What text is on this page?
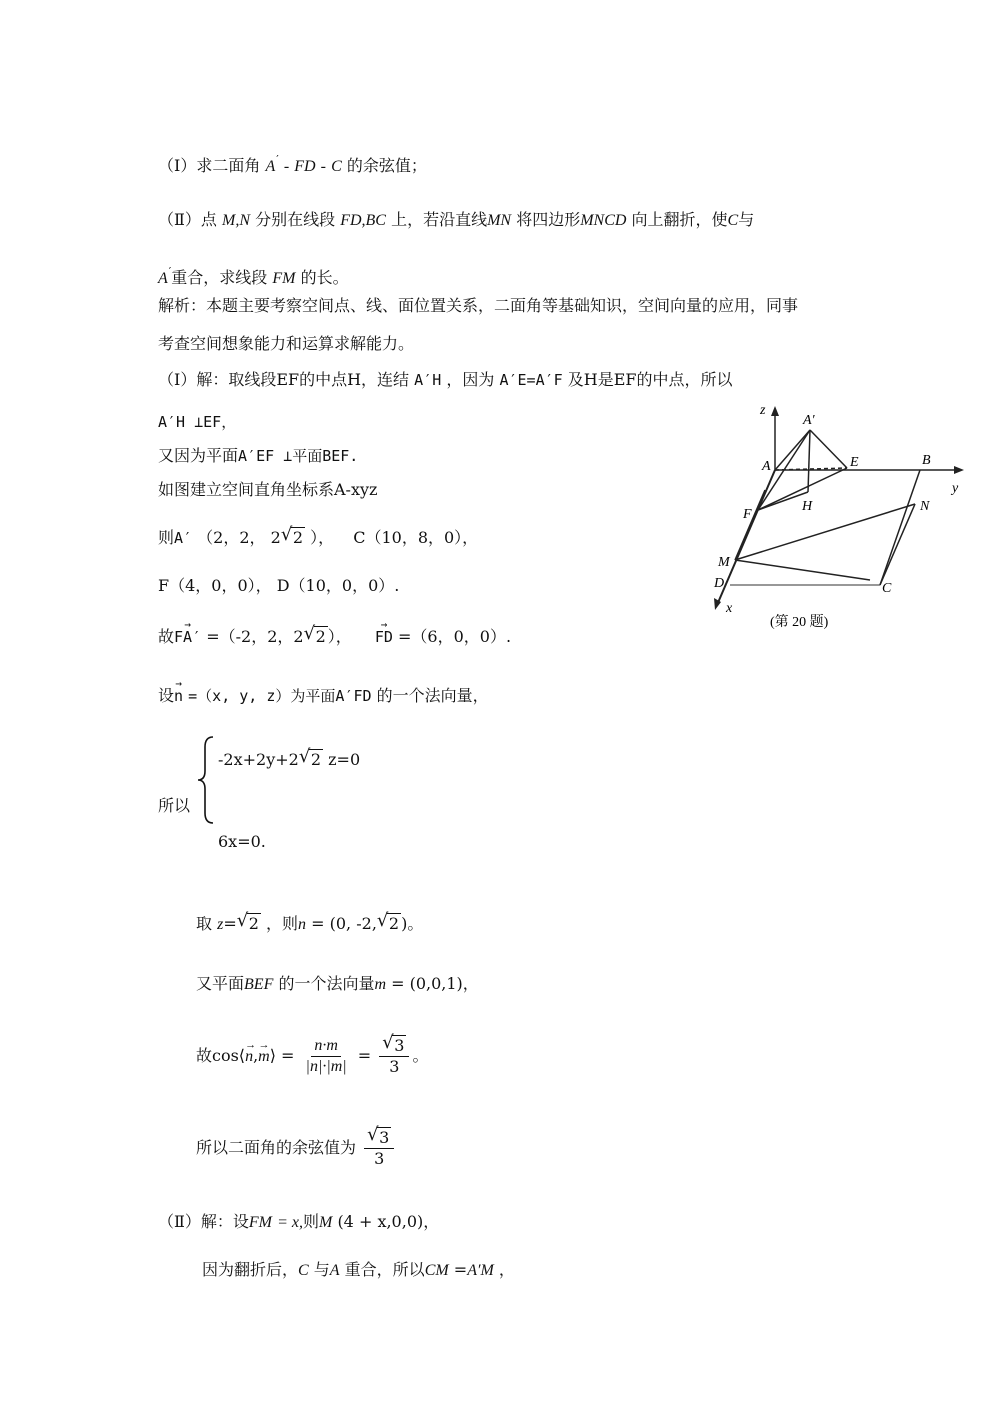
（Ⅰ）求二面角 A′ - FD - C 的余弦值；
（Ⅱ）点 M,N 分别在线段 FD,BC 上，若沿直线MN 将四边形MNCD 向上翻折，使C与
A′重合，求线段 FM 的长。
解析：本题主要考察空间点、线、面位置关系，二面角等基础知识，空间向量的应用，同事
考查空间想象能力和运算求解能力。
（Ⅰ）解：取线段EF的中点H，连结 A′H ，因为 A′E=A′F 及H是EF的中点，所以
A′H ⊥EF，
又因为平面A′EF ⊥平面BEF.
如图建立空间直角坐标系A-xyz
则A′ （2，2， 2 √ 2 ）， C（10，8，0），
F（4，0，0）， D（10，0，0）.
故
→
FA′ =（-2，2，2 √ 2 ），
→
FD =（6，0，0）.
设
→
n =（x, y, z）为平面A′FD 的一个法向量，
-2x+2y+2 √ 2 z=0
所以
6x=0.
取 z= √ 2 ，则n = (0, -2, √ 2 )。
又平面BEF 的一个法向量m = (0,0,1)，
故cos⟨
→
n,
→
m⟩ = $\frac{n\cdot m}{|n|\cdot|m|} = \frac{√ 3}{3}$ 。
所以二面角的余弦值为 $\frac{√ 3}{3}$
（Ⅱ）解：设FM = x,则M (4 + x,0,0)，
因为翻折后，C 与A 重合，所以CM =A′M ，
z
y
x
A
A′
E	B
F
H	N
M
D	C
(第 20 题)
